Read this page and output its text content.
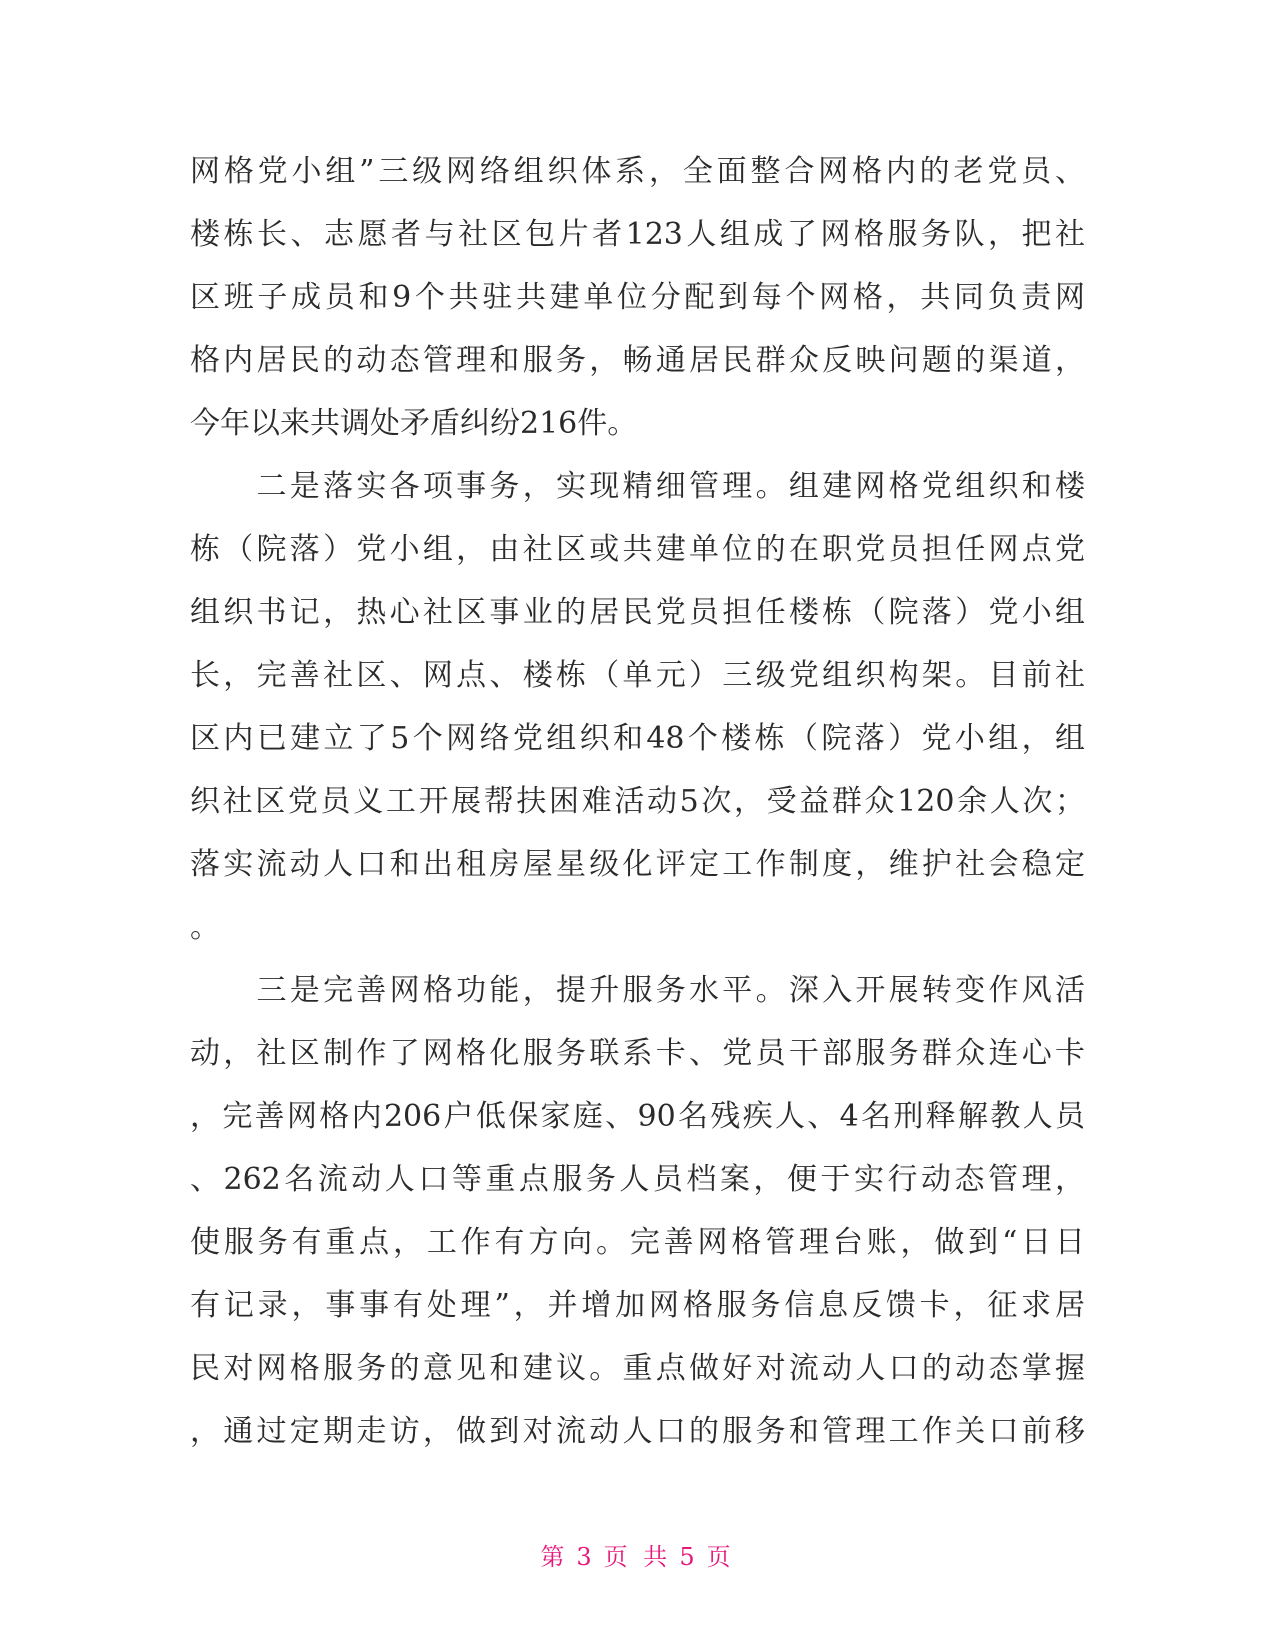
网格党小组”三级网络组织体系，全面整合网格内的老党员、
楼栋长、志愿者与社区包片者123人组成了网格服务队，把社
区班子成员和9个共驻共建单位分配到每个网格，共同负责网
格内居民的动态管理和服务，畅通居民群众反映问题的渠道，
今年以来共调处矛盾纠纷216件。
　　二是落实各项事务，实现精细管理。组建网格党组织和楼
栋（院落）党小组，由社区或共建单位的在职党员担任网点党
组织书记，热心社区事业的居民党员担任楼栋（院落）党小组
长，完善社区、网点、楼栋（单元）三级党组织构架。目前社
区内已建立了5个网络党组织和48个楼栋（院落）党小组，组
织社区党员义工开展帮扶困难活动5次，受益群众120余人次；
落实流动人口和出租房屋星级化评定工作制度，维护社会稳定
。
　　三是完善网格功能，提升服务水平。深入开展转变作风活
动，社区制作了网格化服务联系卡、党员干部服务群众连心卡
，完善网格内206户低保家庭、90名残疾人、4名刑释解教人员
、262名流动人口等重点服务人员档案，便于实行动态管理，
使服务有重点，工作有方向。完善网格管理台账，做到“日日
有记录，事事有处理”，并增加网格服务信息反馈卡，征求居
民对网格服务的意见和建议。重点做好对流动人口的动态掌握
，通过定期走访，做到对流动人口的服务和管理工作关口前移
第 3 页 共 5 页
